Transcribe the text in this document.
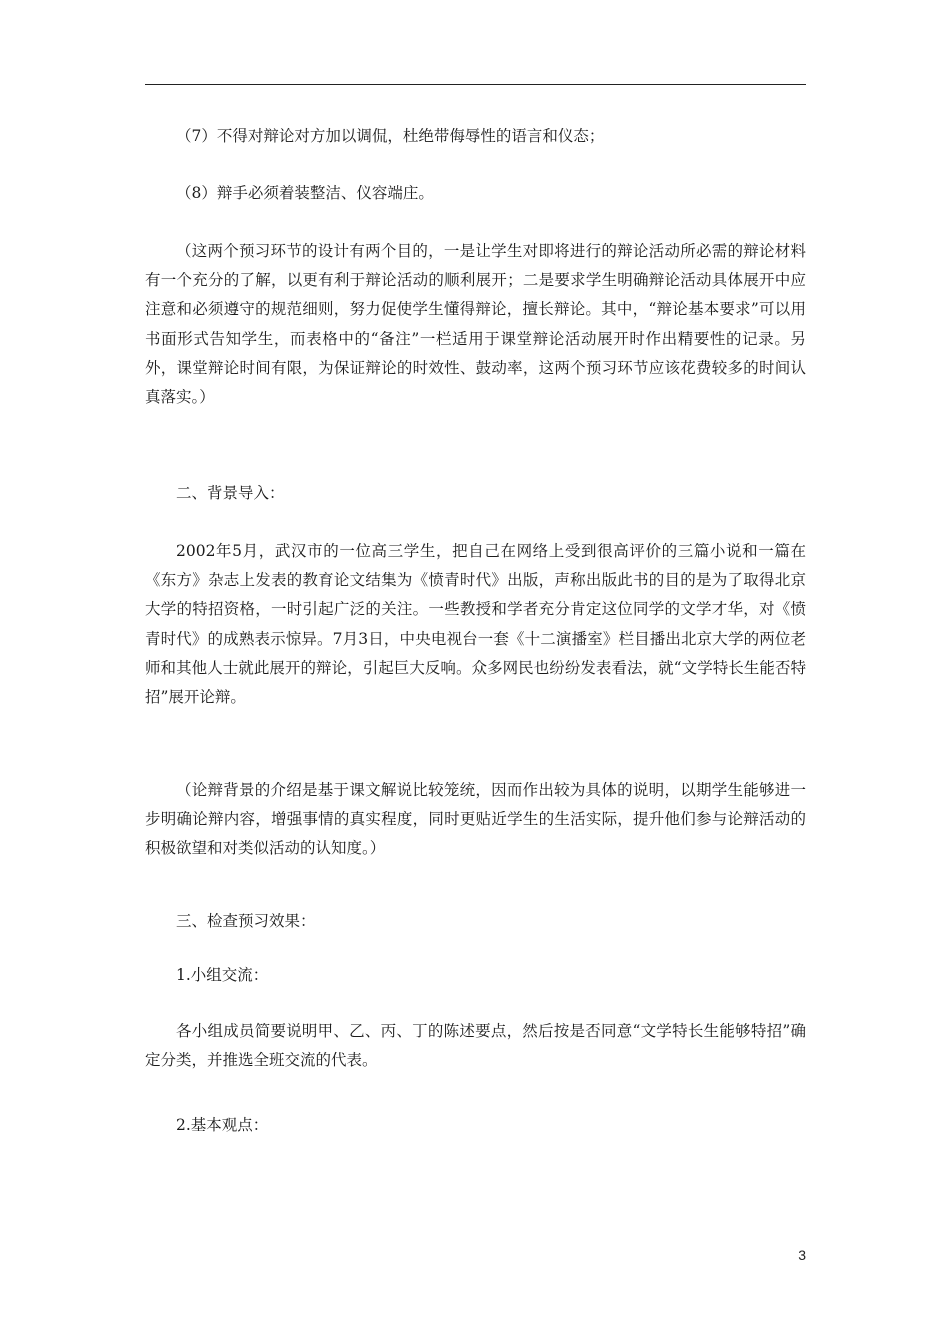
（7）不得对辩论对方加以调侃，杜绝带侮辱性的语言和仪态；

（8）辩手必须着装整洁、仪容端庄。

（这两个预习环节的设计有两个目的，一是让学生对即将进行的辩论活动所必需的辩论材料有一个充分的了解，以更有利于辩论活动的顺利展开；二是要求学生明确辩论活动具体展开中应注意和必须遵守的规范细则，努力促使学生懂得辩论，擅长辩论。其中，“辩论基本要求”可以用书面形式告知学生，而表格中的“备注”一栏适用于课堂辩论活动展开时作出精要性的记录。另外，课堂辩论时间有限，为保证辩论的时效性、鼓动率，这两个预习环节应该花费较多的时间认真落实。）

二、背景导入：

2002年5月，武汉市的一位高三学生，把自己在网络上受到很高评价的三篇小说和一篇在《东方》杂志上发表的教育论文结集为《愤青时代》出版，声称出版此书的目的是为了取得北京大学的特招资格，一时引起广泛的关注。一些教授和学者充分肯定这位同学的文学才华，对《愤青时代》的成熟表示惊异。7月3日，中央电视台一套《十二演播室》栏目播出北京大学的两位老师和其他人士就此展开的辩论，引起巨大反响。众多网民也纷纷发表看法，就“文学特长生能否特招”展开论辩。

（论辩背景的介绍是基于课文解说比较笼统，因而作出较为具体的说明，以期学生能够进一步明确论辩内容，增强事情的真实程度，同时更贴近学生的生活实际，提升他们参与论辩活动的积极欲望和对类似活动的认知度。）

三、检查预习效果：

1.小组交流：

各小组成员简要说明甲、乙、丙、丁的陈述要点，然后按是否同意“文学特长生能够特招”确定分类，并推选全班交流的代表。

2.基本观点：

3
